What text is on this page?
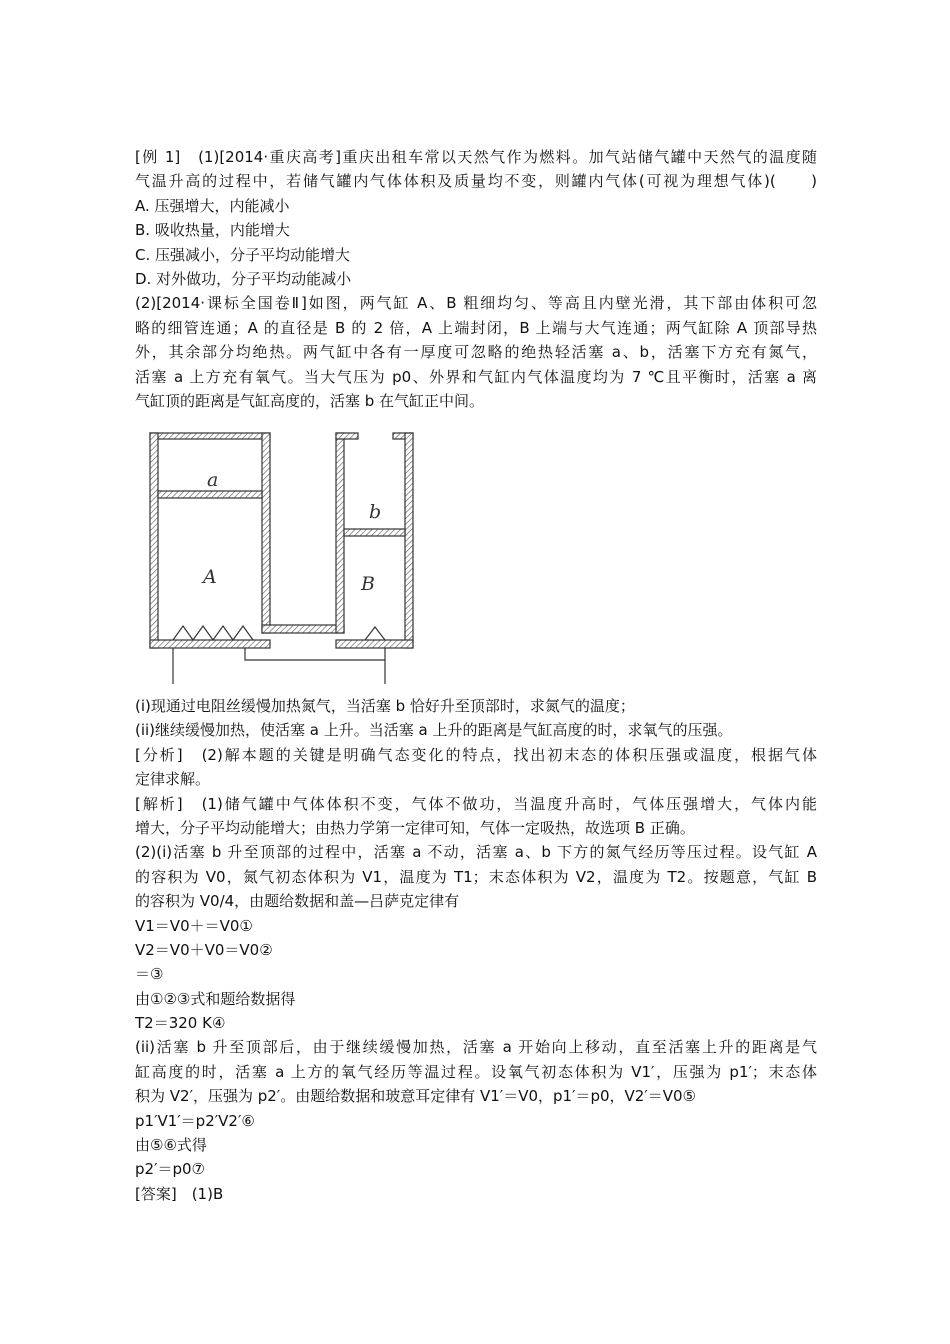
[例 1]　(1)[2014·重庆高考]重庆出租车常以天然气作为燃料。加气站储气罐中天然气的温度随
气温升高的过程中，若储气罐内气体体积及质量均不变，则罐内气体(可视为理想气体)(　　)
A. 压强增大，内能减小
B. 吸收热量，内能增大
C. 压强减小，分子平均动能增大
D. 对外做功，分子平均动能减小
(2)[2014·课标全国卷Ⅱ]如图，两气缸 A、B 粗细均匀、等高且内壁光滑，其下部由体积可忽
略的细管连通；A 的直径是 B 的 2 倍，A 上端封闭，B 上端与大气连通；两气缸除 A 顶部导热
外，其余部分均绝热。两气缸中各有一厚度可忽略的绝热轻活塞 a、b，活塞下方充有氮气，
活塞 a 上方充有氧气。当大气压为 p0、外界和气缸内气体温度均为 7 ℃且平衡时，活塞 a 离
气缸顶的距离是气缸高度的，活塞 b 在气缸正中间。
a
A
b
B
(i)现通过电阻丝缓慢加热氮气，当活塞 b 恰好升至顶部时，求氮气的温度；
(ii)继续缓慢加热，使活塞 a 上升。当活塞 a 上升的距离是气缸高度的时，求氧气的压强。
[分析]　(2)解本题的关键是明确气态变化的特点，找出初末态的体积压强或温度，根据气体
定律求解。
[解析]　(1)储气罐中气体体积不变，气体不做功，当温度升高时，气体压强增大，气体内能
增大，分子平均动能增大；由热力学第一定律可知，气体一定吸热，故选项 B 正确。
(2)(i)活塞 b 升至顶部的过程中，活塞 a 不动，活塞 a、b 下方的氮气经历等压过程。设气缸 A
的容积为 V0，氮气初态体积为 V1，温度为 T1；末态体积为 V2，温度为 T2。按题意，气缸 B
的容积为 V0/4，由题给数据和盖—吕萨克定律有
V1＝V0＋＝V0①
V2＝V0＋V0＝V0②
＝③
由①②③式和题给数据得
T2＝320 K④
(ii)活塞 b 升至顶部后，由于继续缓慢加热，活塞 a 开始向上移动，直至活塞上升的距离是气
缸高度的时，活塞 a 上方的氧气经历等温过程。设氧气初态体积为 V1′，压强为 p1′；末态体
积为 V2′，压强为 p2′。由题给数据和玻意耳定律有 V1′＝V0，p1′＝p0，V2′＝V0⑤
p1′V1′＝p2′V2′⑥
由⑤⑥式得
p2′＝p0⑦
[答案]　(1)B
